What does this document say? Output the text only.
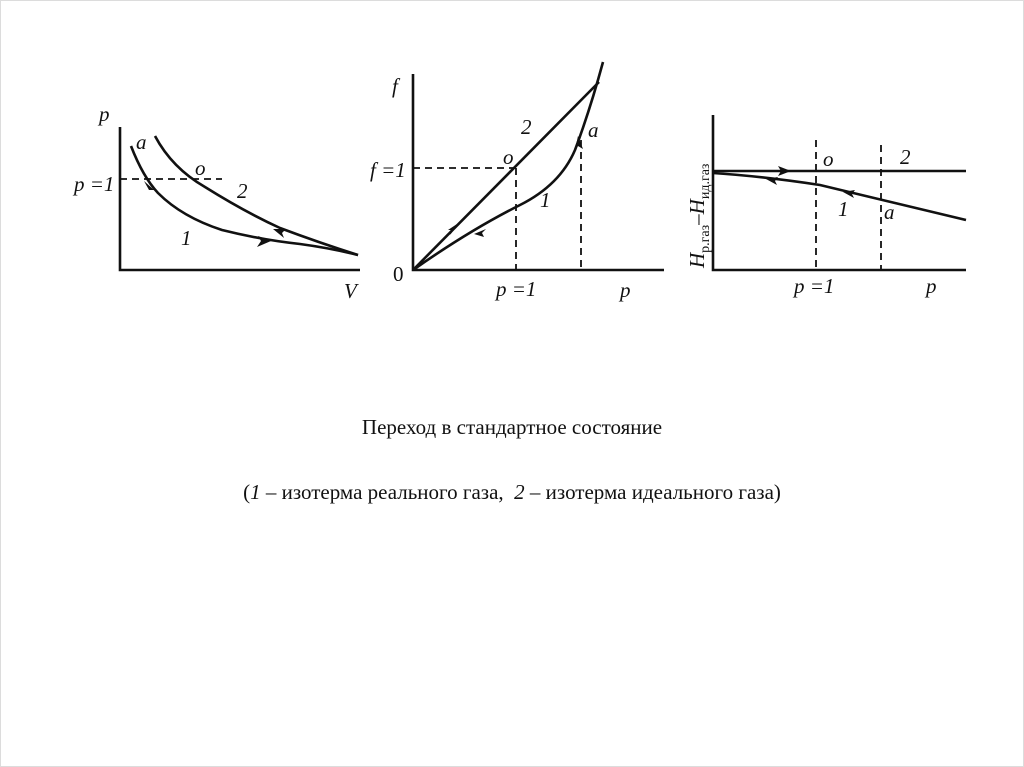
p
V
p =1
a
o
2
1
f
p
0
f =1
p =1
2	a
o
1
p
p =1
$H_{р.газ}-H_{ид.газ}$
o	2
1 a
Переход в стандартное состояние
(1 – изотерма реального газа,  2 – изотерма идеального газа)
